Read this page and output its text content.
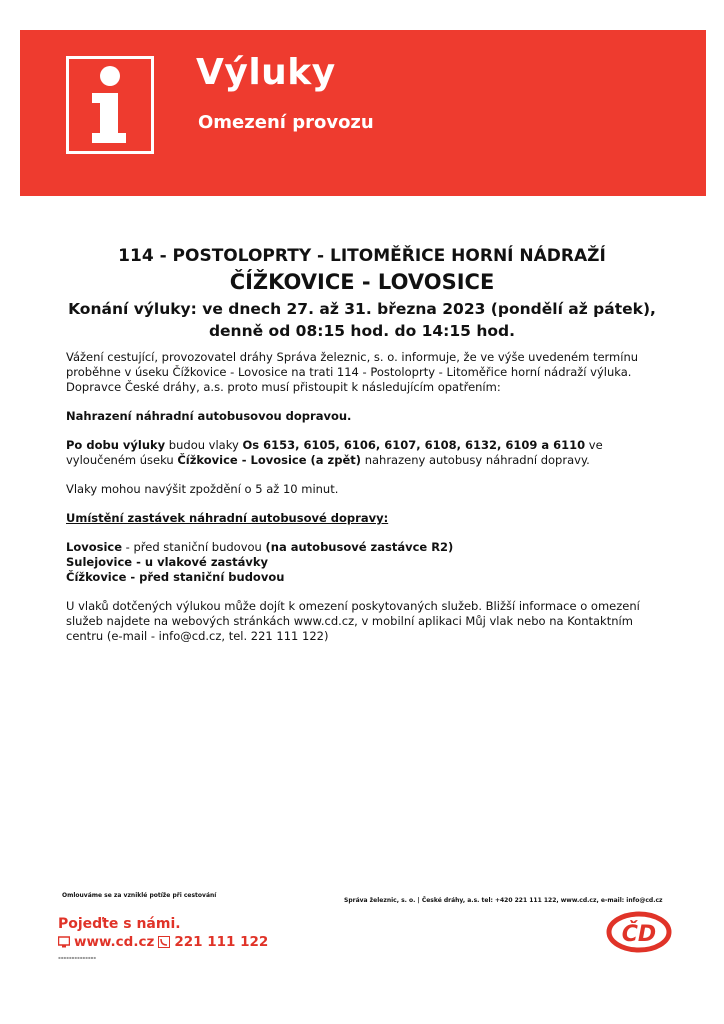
Výluky
Omezení provozu
114 - POSTOLOPRTY - LITOMĚŘICE HORNÍ NÁDRAŽÍ
ČÍŽKOVICE - LOVOSICE
Konání výluky: ve dnech 27. až 31. března 2023 (pondělí až pátek),
denně od 08:15 hod. do 14:15 hod.

Vážení cestující, provozovatel dráhy Správa železnic, s. o. informuje, že ve výše uvedeném termínu proběhne v úseku Čížkovice - Lovosice na trati 114 - Postoloprty - Litoměřice horní nádraží výluka. Dopravce České dráhy, a.s. proto musí přistoupit k následujícím opatřením:

Nahrazení náhradní autobusovou dopravou.

Po dobu výluky budou vlaky Os 6153, 6105, 6106, 6107, 6108, 6132, 6109 a 6110 ve vyloučeném úseku Čížkovice - Lovosice (a zpět) nahrazeny autobusy náhradní dopravy.

Vlaky mohou navýšit zpoždění o 5 až 10 minut.

Umístění zastávek náhradní autobusové dopravy:

Lovosice - před staniční budovou (na autobusové zastávce R2)
Sulejovice - u vlakové zastávky
Čížkovice - před staniční budovou

U vlaků dotčených výlukou může dojít k omezení poskytovaných služeb. Bližší informace o omezení služeb najdete na webových stránkách www.cd.cz, v mobilní aplikaci Můj vlak nebo na Kontaktním centru (e-mail - info@cd.cz, tel. 221 111 122)

Omlouváme se za vzniklé potíže při cestování
Správa železnic, s. o. | České dráhy, a.s. tel: +420 221 111 122, www.cd.cz, e-mail: info@cd.cz
Pojeďte s námi.
www.cd.cz 221 111 122
▪▪▪▪▪▪▪▪▪▪▪▪▪▪
ČD
